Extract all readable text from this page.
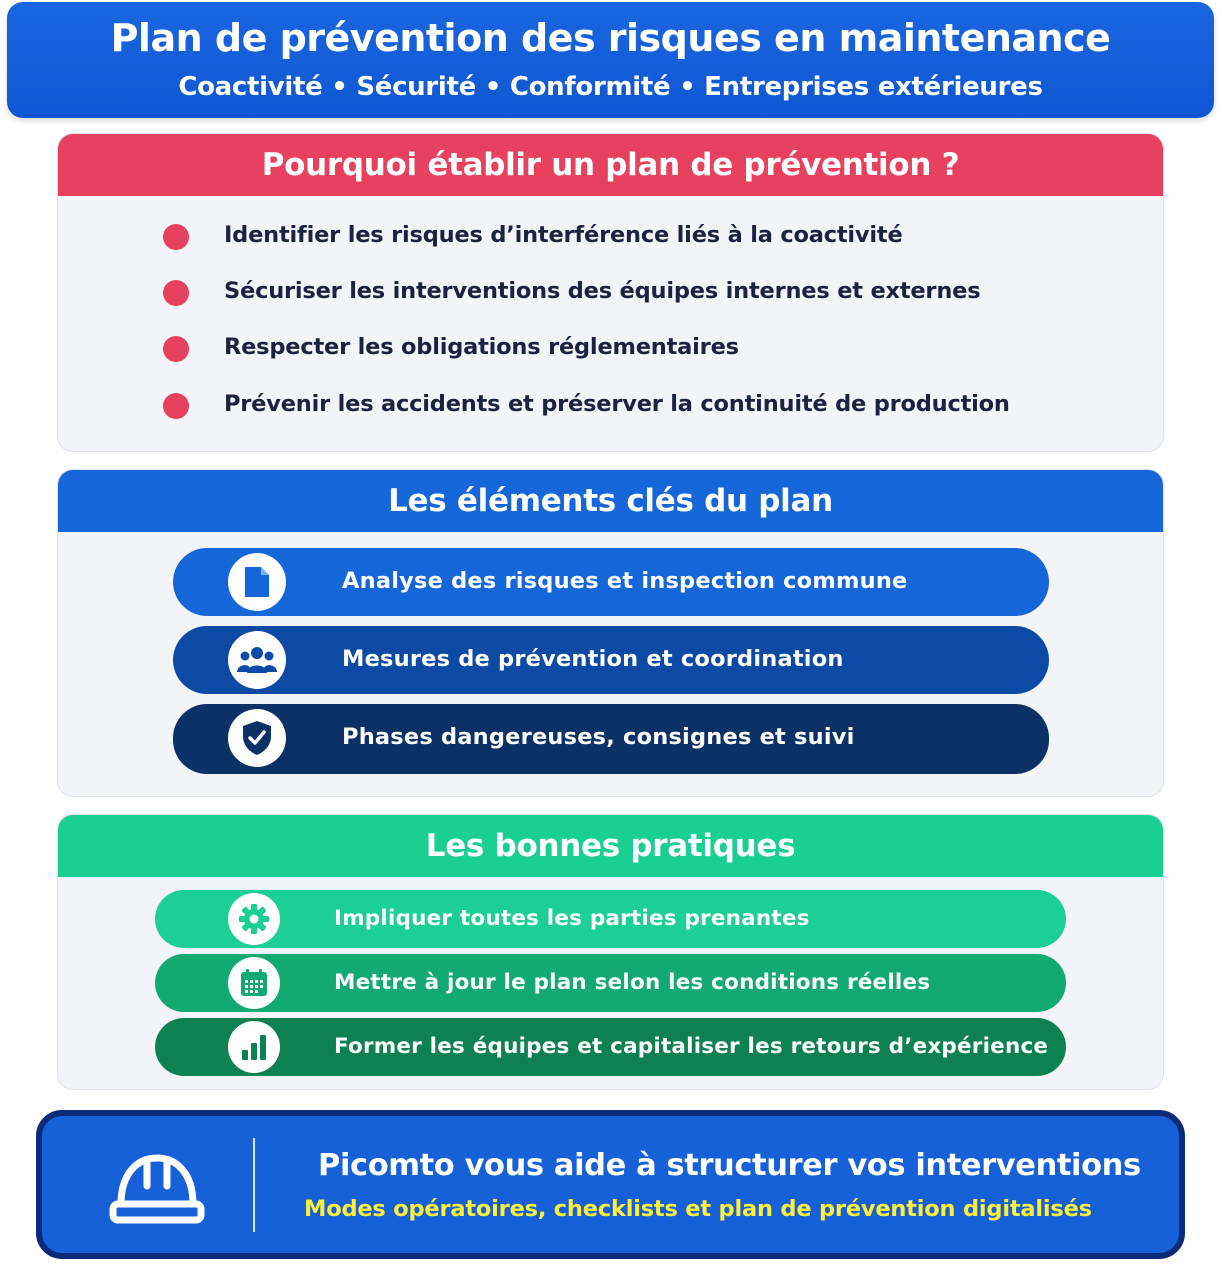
Plan de prévention des risques en maintenance
Coactivité • Sécurité • Conformité • Entreprises extérieures
Pourquoi établir un plan de prévention ?
Identifier les risques d’interférence liés à la coactivité
Sécuriser les interventions des équipes internes et externes
Respecter les obligations réglementaires
Prévenir les accidents et préserver la continuité de production
Les éléments clés du plan
Analyse des risques et inspection commune
Mesures de prévention et coordination
Phases dangereuses, consignes et suivi
Les bonnes pratiques
Impliquer toutes les parties prenantes
Mettre à jour le plan selon les conditions réelles
Former les équipes et capitaliser les retours d’expérience
Picomto vous aide à structurer vos interventions
Modes opératoires, checklists et plan de prévention digitalisés
